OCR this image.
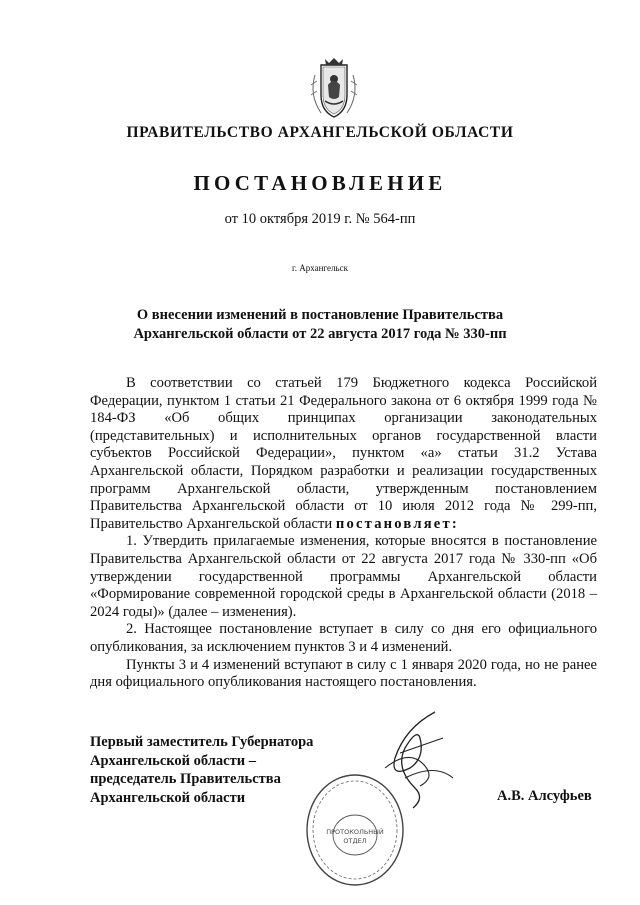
ПРАВИТЕЛЬСТВО АРХАНГЕЛЬСКОЙ ОБЛАСТИ
ПОСТАНОВЛЕНИЕ
от 10 октября 2019 г. № 564-пп
г. Архангельск
О внесении изменений в постановление Правительства
Архангельской области от 22 августа 2017 года № 330-пп

В соответствии со статьей 179 Бюджетного кодекса Российской Федерации, пунктом 1 статьи 21 Федерального закона от 6 октября 1999 года № 184-ФЗ «Об общих принципах организации законодательных (представительных) и исполнительных органов государственной власти субъектов Российской Федерации», пунктом «а» статьи 31.2 Устава Архангельской области, Порядком разработки и реализации государственных программ Архангельской области, утвержденным постановлением Правительства Архангельской области от 10 июля 2012 года № 299-пп, Правительство Архангельской области постановляет:

1. Утвердить прилагаемые изменения, которые вносятся в постановление Правительства Архангельской области от 22 августа 2017 года № 330-пп «Об утверждении государственной программы Архангельской области «Формирование современной городской среды в Архангельской области (2018 – 2024 годы)» (далее – изменения).

2. Настоящее постановление вступает в силу со дня его официального опубликования, за исключением пунктов 3 и 4 изменений.

Пункты 3 и 4 изменений вступают в силу с 1 января 2020 года, но не ранее дня официального опубликования настоящего постановления.

ПРОТОКОЛЬНЫЙ
ОТДЕЛ
Первый заместитель Губернатора
Архангельской области –
председатель Правительства
Архангельской области	А.В. Алсуфьев
